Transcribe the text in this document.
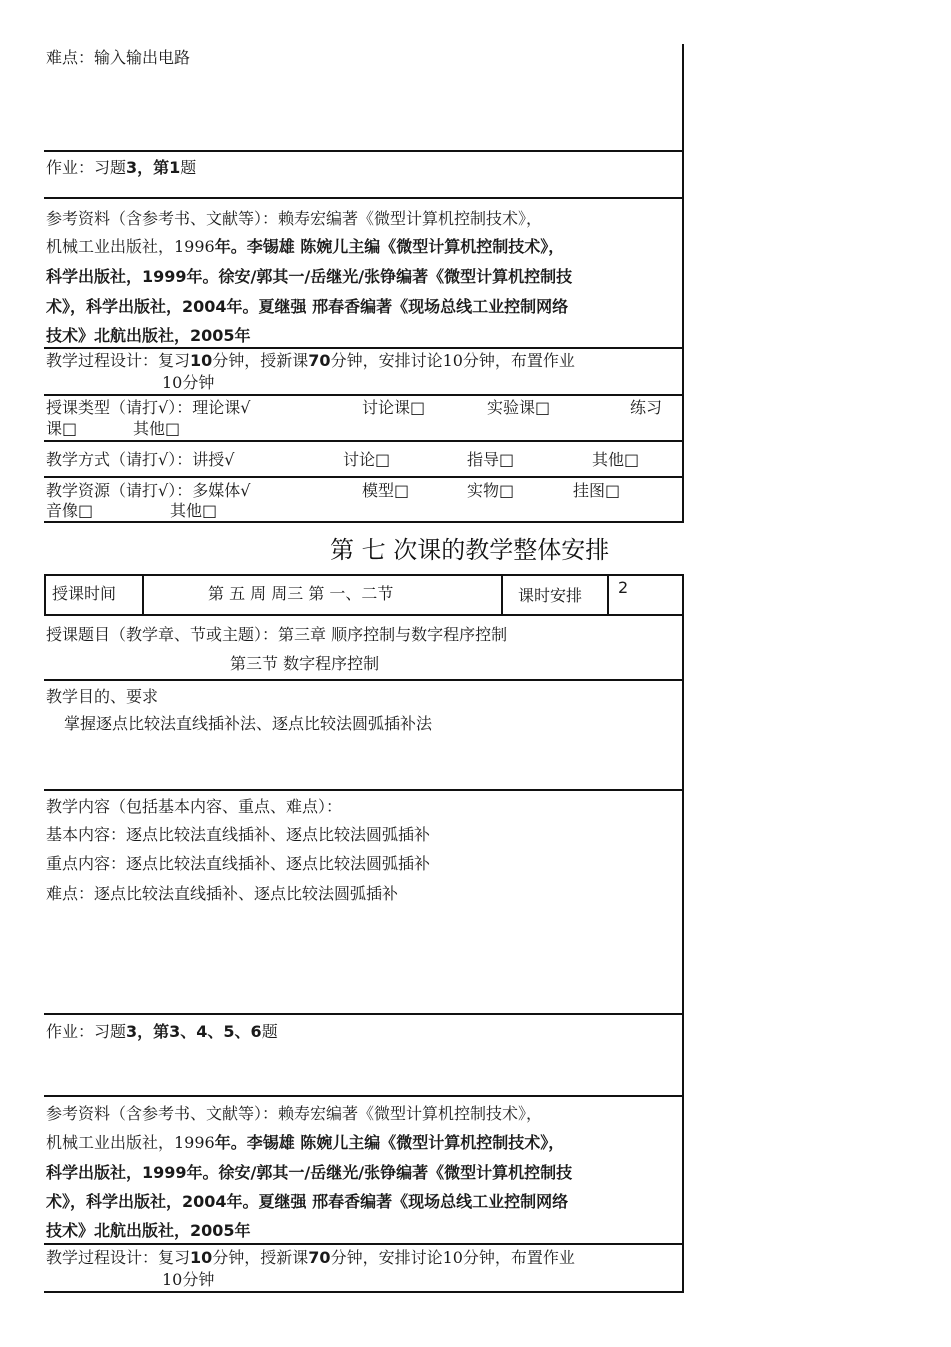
难点：输入输出电路
作业：习题3，第1题
参考资料（含参考书、文献等）：赖寿宏编著《微型计算机控制技术》，
机械工业出版社，1996年。李锡雄 陈婉儿主编《微型计算机控制技术》，
科学出版社，1999年。徐安/郭其一/岳继光/张铮编著《微型计算机控制技
术》，科学出版社，2004年。夏继强 邢春香编著《现场总线工业控制网络
技术》北航出版社，2005年
教学过程设计：复习10分钟，授新课70分钟，安排讨论10分钟，布置作业
10分钟
授课类型（请打√）：理论课√	讨论课□	实验课□	练习
课□	其他□
教学方式（请打√）：讲授√	讨论□	指导□	其他□
教学资源（请打√）：多媒体√	模型□	实物□	挂图□
音像□	其他□
第 七 次课的教学整体安排
授课时间	第 五 周 周三 第 一、二节	课时安排 2
授课题目（教学章、节或主题）：第三章 顺序控制与数字程序控制
第三节 数字程序控制
教学目的、要求
掌握逐点比较法直线插补法、逐点比较法圆弧插补法
教学内容（包括基本内容、重点、难点）：
基本内容：逐点比较法直线插补、逐点比较法圆弧插补
重点内容：逐点比较法直线插补、逐点比较法圆弧插补
难点：逐点比较法直线插补、逐点比较法圆弧插补
作业：习题3，第3、4、5、6题
参考资料（含参考书、文献等）：赖寿宏编著《微型计算机控制技术》，
机械工业出版社，1996年。李锡雄 陈婉儿主编《微型计算机控制技术》，
科学出版社，1999年。徐安/郭其一/岳继光/张铮编著《微型计算机控制技
术》，科学出版社，2004年。夏继强 邢春香编著《现场总线工业控制网络
技术》北航出版社，2005年
教学过程设计：复习10分钟，授新课70分钟，安排讨论10分钟，布置作业
10分钟
